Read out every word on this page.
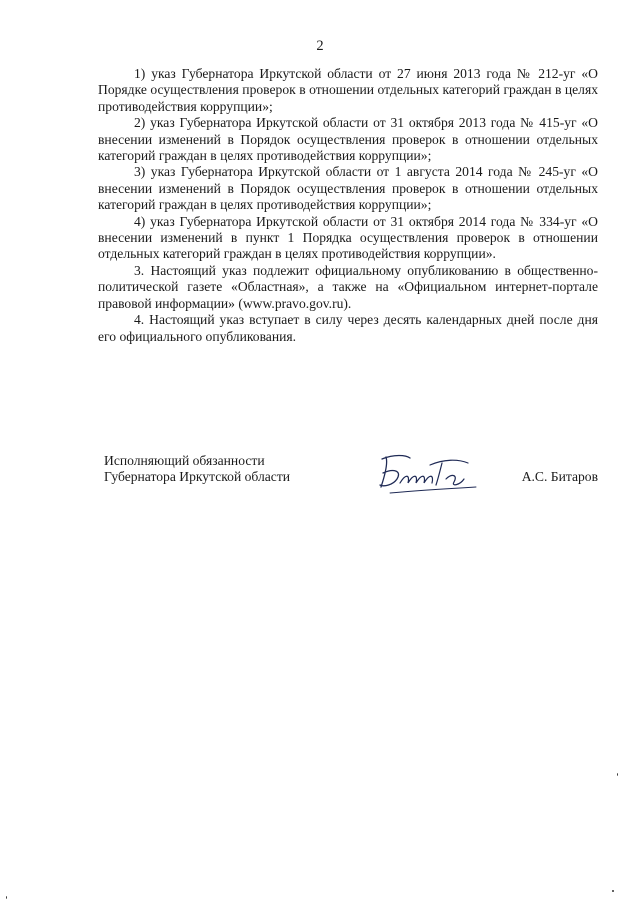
2

1) указ Губернатора Иркутской области от 27 июня 2013 года № 212-уг «О Порядке осуществления проверок в отношении отдельных категорий граждан в целях противодействия коррупции»;

2) указ Губернатора Иркутской области от 31 октября 2013 года № 415-уг «О внесении изменений в Порядок осуществления проверок в отношении отдельных категорий граждан в целях противодействия коррупции»;

3) указ Губернатора Иркутской области от 1 августа 2014 года № 245-уг «О внесении изменений в Порядок осуществления проверок в отношении отдельных категорий граждан в целях противодействия коррупции»;

4) указ Губернатора Иркутской области от 31 октября 2014 года № 334-уг «О внесении изменений в пункт 1 Порядка осуществления проверок в отношении отдельных категорий граждан в целях противодействия коррупции».

3. Настоящий указ подлежит официальному опубликованию в общественно-политической газете «Областная», а также на «Официальном интернет-портале правовой информации» (www.pravo.gov.ru).

4. Настоящий указ вступает в силу через десять календарных дней после дня его официального опубликования.

Исполняющий обязанности
Губернатора Иркутской области	А.С. Битаров
